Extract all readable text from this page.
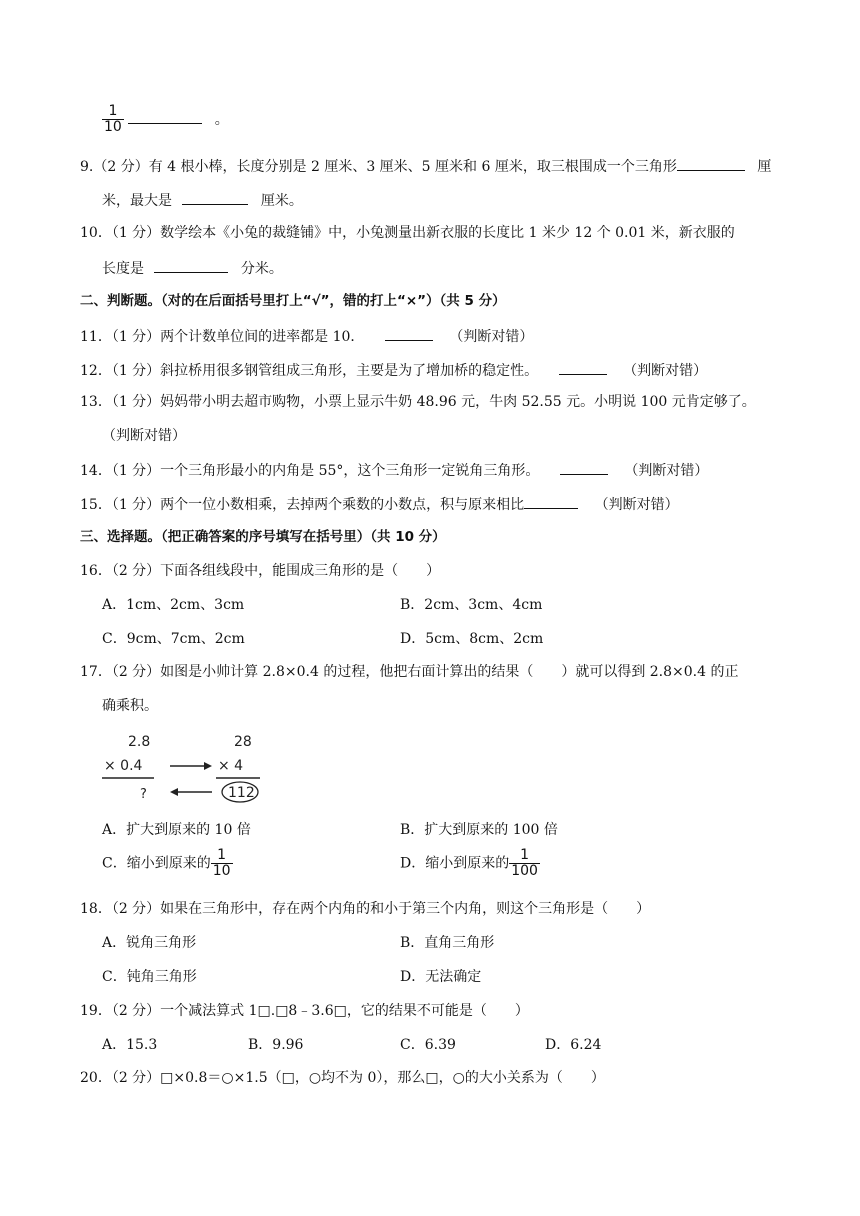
$\frac{1}{10}$	。
9.（2 分）有 4 根小棒，长度分别是 2 厘米、3 厘米、5 厘米和 6 厘米，取三根围成一个三角形	厘
米，最大是	厘米。
10．（1 分）数学绘本《小兔的裁缝铺》中，小兔测量出新衣服的长度比 1 米少 12 个 0.01 米，新衣服的
长度是	分米。
二、判断题。（对的在后面括号里打上“√”，错的打上“×”）（共 5 分）
11．（1 分）两个计数单位间的进率都是 10．	（判断对错）
12．（1 分）斜拉桥用很多钢管组成三角形，主要是为了增加桥的稳定性。	（判断对错）
13．（1 分）妈妈带小明去超市购物，小票上显示牛奶 48.96 元，牛肉 52.55 元。小明说 100 元肯定够了。
（判断对错）
14．（1 分）一个三角形最小的内角是 55°，这个三角形一定锐角三角形。	（判断对错）
15．（1 分）两个一位小数相乘，去掉两个乘数的小数点，积与原来相比	（判断对错）
三、选择题。（把正确答案的序号填写在括号里）（共 10 分）
16．（2 分）下面各组线段中，能围成三角形的是（　　）
A．1cm、2cm、3cm	B．2cm、3cm、4cm
C．9cm、7cm、2cm	D．5cm、8cm、2cm
17．（2 分）如图是小帅计算 2.8×0.4 的过程，他把右面计算出的结果（　　）就可以得到 2.8×0.4 的正
确乘积。
2.8
× 0.4
?
28
× 4
112
A．扩大到原来的 10 倍	B．扩大到原来的 100 倍
C．缩小到原来的 $\frac{1}{10}$	D．缩小到原来的 $\frac{1}{100}$
18．（2 分）如果在三角形中，存在两个内角的和小于第三个内角，则这个三角形是（　　）
A．锐角三角形	B．直角三角形
C．钝角三角形	D．无法确定
19．（2 分）一个减法算式 1□.□8﹣3.6□，它的结果不可能是（　　）
A．15.3	B．9.96	C．6.39	D．6.24
20．（2 分）□×0.8＝○×1.5（□，○均不为 0），那么□，○的大小关系为（　　）
